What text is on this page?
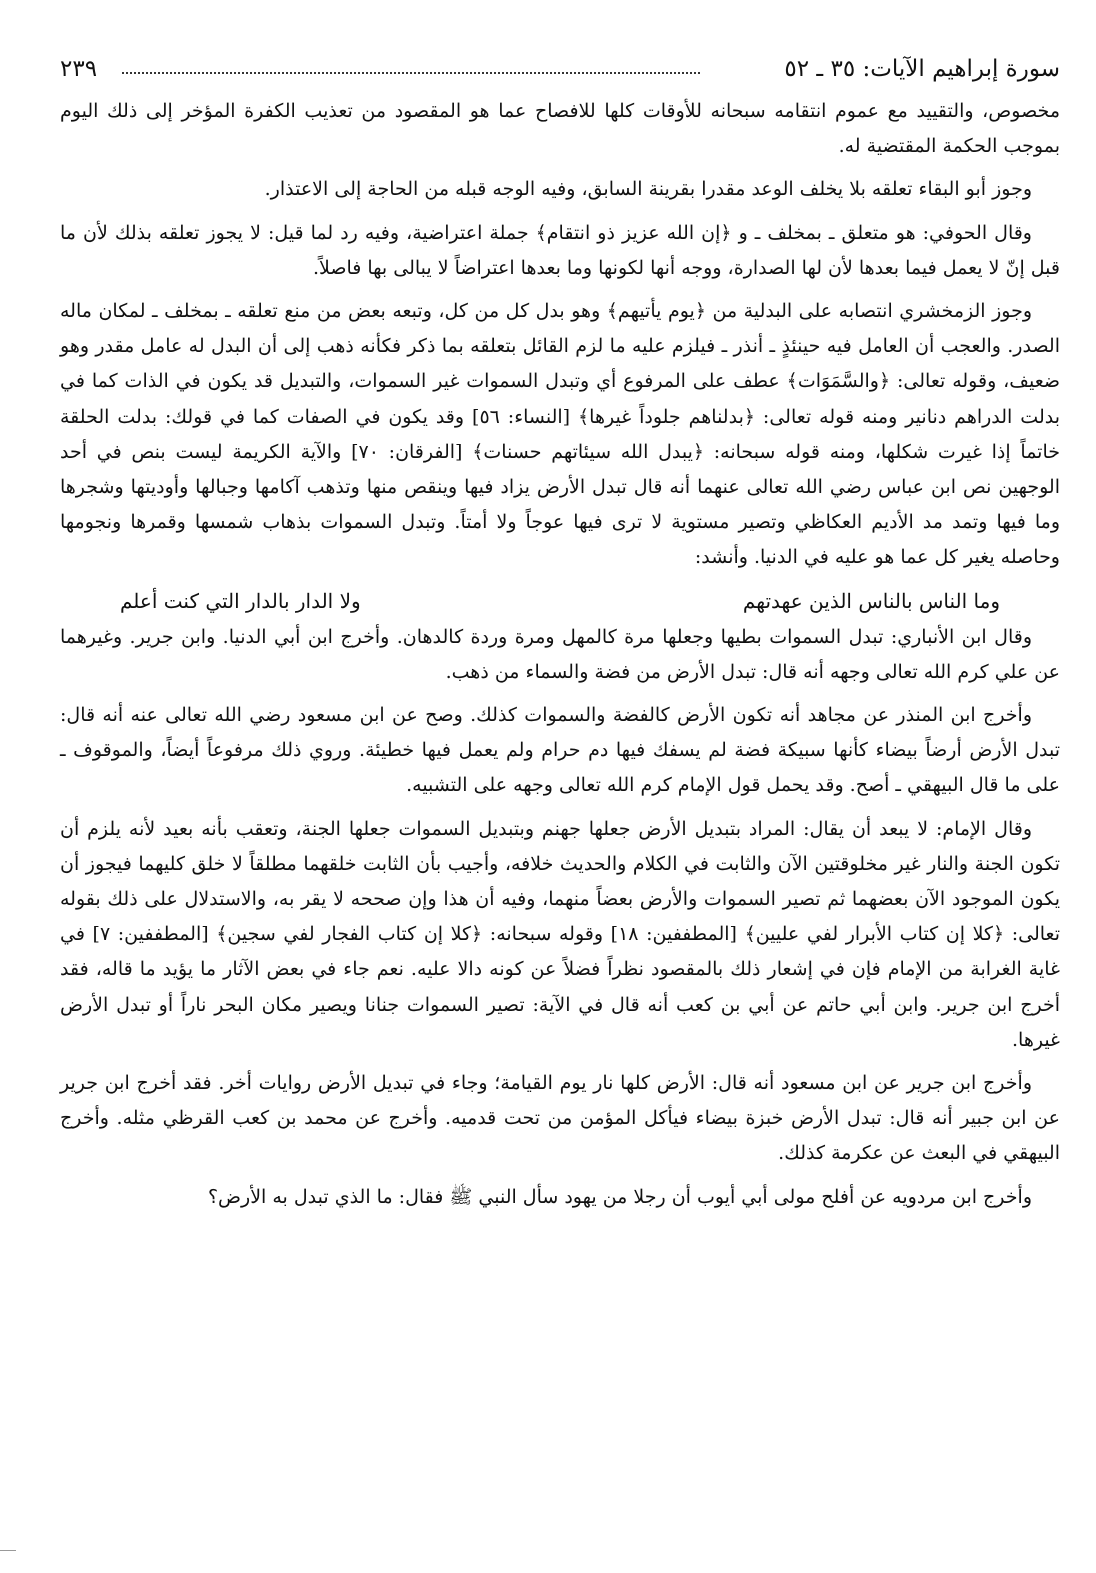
سورة إبراهيم الآيات: ٣٥ ـ ٥٢
٢٣٩

مخصوص، والتقييد مع عموم انتقامه سبحانه للأوقات كلها للافصاح عما هو المقصود من تعذيب الكفرة المؤخر إلى ذلك اليوم بموجب الحكمة المقتضية له.

وجوز أبو البقاء تعلقه بلا يخلف الوعد مقدرا بقرينة السابق، وفيه الوجه قبله من الحاجة إلى الاعتذار.

وقال الحوفي: هو متعلق ـ بمخلف ـ و ﴿إن الله عزيز ذو انتقام﴾ جملة اعتراضية، وفيه رد لما قيل: لا يجوز تعلقه بذلك لأن ما قبل إنّ لا يعمل فيما بعدها لأن لها الصدارة، ووجه أنها لكونها وما بعدها اعتراضاً لا يبالى بها فاصلاً.

وجوز الزمخشري انتصابه على البدلية من ﴿يوم يأتيهم﴾ وهو بدل كل من كل، وتبعه بعض من منع تعلقه ـ بمخلف ـ لمكان ماله الصدر. والعجب أن العامل فيه حينئذٍ ـ أنذر ـ فيلزم عليه ما لزم القائل بتعلقه بما ذكر فكأنه ذهب إلى أن البدل له عامل مقدر وهو ضعيف، وقوله تعالى: ﴿والسَّمَوَات﴾ عطف على المرفوع أي وتبدل السموات غير السموات، والتبديل قد يكون في الذات كما في بدلت الدراهم دنانير ومنه قوله تعالى: ﴿بدلناهم جلوداً غيرها﴾ [النساء: ٥٦] وقد يكون في الصفات كما في قولك: بدلت الحلقة خاتماً إذا غيرت شكلها، ومنه قوله سبحانه: ﴿يبدل الله سيئاتهم حسنات﴾ [الفرقان: ٧٠] والآية الكريمة ليست بنص في أحد الوجهين نص ابن عباس رضي الله تعالى عنهما أنه قال تبدل الأرض يزاد فيها وينقص منها وتذهب آكامها وجبالها وأوديتها وشجرها وما فيها وتمد مد الأديم العكاظي وتصير مستوية لا ترى فيها عوجاً ولا أمتاً. وتبدل السموات بذهاب شمسها وقمرها ونجومها وحاصله يغير كل عما هو عليه في الدنيا. وأنشد:

وما الناس بالناس الذين عهدتهم
ولا الدار بالدار التي كنت أعلم

وقال ابن الأنباري: تبدل السموات بطيها وجعلها مرة كالمهل ومرة وردة كالدهان. وأخرج ابن أبي الدنيا. وابن جرير. وغيرهما عن علي كرم الله تعالى وجهه أنه قال: تبدل الأرض من فضة والسماء من ذهب.

وأخرج ابن المنذر عن مجاهد أنه تكون الأرض كالفضة والسموات كذلك. وصح عن ابن مسعود رضي الله تعالى عنه أنه قال: تبدل الأرض أرضاً بيضاء كأنها سبيكة فضة لم يسفك فيها دم حرام ولم يعمل فيها خطيئة. وروي ذلك مرفوعاً أيضاً، والموقوف ـ على ما قال البيهقي ـ أصح. وقد يحمل قول الإمام كرم الله تعالى وجهه على التشبيه.

وقال الإمام: لا يبعد أن يقال: المراد بتبديل الأرض جعلها جهنم وبتبديل السموات جعلها الجنة، وتعقب بأنه بعيد لأنه يلزم أن تكون الجنة والنار غير مخلوقتين الآن والثابت في الكلام والحديث خلافه، وأجيب بأن الثابت خلقهما مطلقاً لا خلق كليهما فيجوز أن يكون الموجود الآن بعضهما ثم تصير السموات والأرض بعضاً منهما، وفيه أن هذا وإن صححه لا يقر به، والاستدلال على ذلك بقوله تعالى: ﴿كلا إن كتاب الأبرار لفي عليين﴾ [المطففين: ١٨] وقوله سبحانه: ﴿كلا إن كتاب الفجار لفي سجين﴾ [المطففين: ٧] في غاية الغرابة من الإمام فإن في إشعار ذلك بالمقصود نظراً فضلاً عن كونه دالا عليه. نعم جاء في بعض الآثار ما يؤيد ما قاله، فقد أخرج ابن جرير. وابن أبي حاتم عن أبي بن كعب أنه قال في الآية: تصير السموات جنانا ويصير مكان البحر ناراً أو تبدل الأرض غيرها.

وأخرج ابن جرير عن ابن مسعود أنه قال: الأرض كلها نار يوم القيامة؛ وجاء في تبديل الأرض روايات أخر. فقد أخرج ابن جرير عن ابن جبير أنه قال: تبدل الأرض خبزة بيضاء فيأكل المؤمن من تحت قدميه. وأخرج عن محمد بن كعب القرظي مثله. وأخرج البيهقي في البعث عن عكرمة كذلك.

وأخرج ابن مردويه عن أفلح مولى أبي أيوب أن رجلا من يهود سأل النبي ﷺ فقال: ما الذي تبدل به الأرض؟
